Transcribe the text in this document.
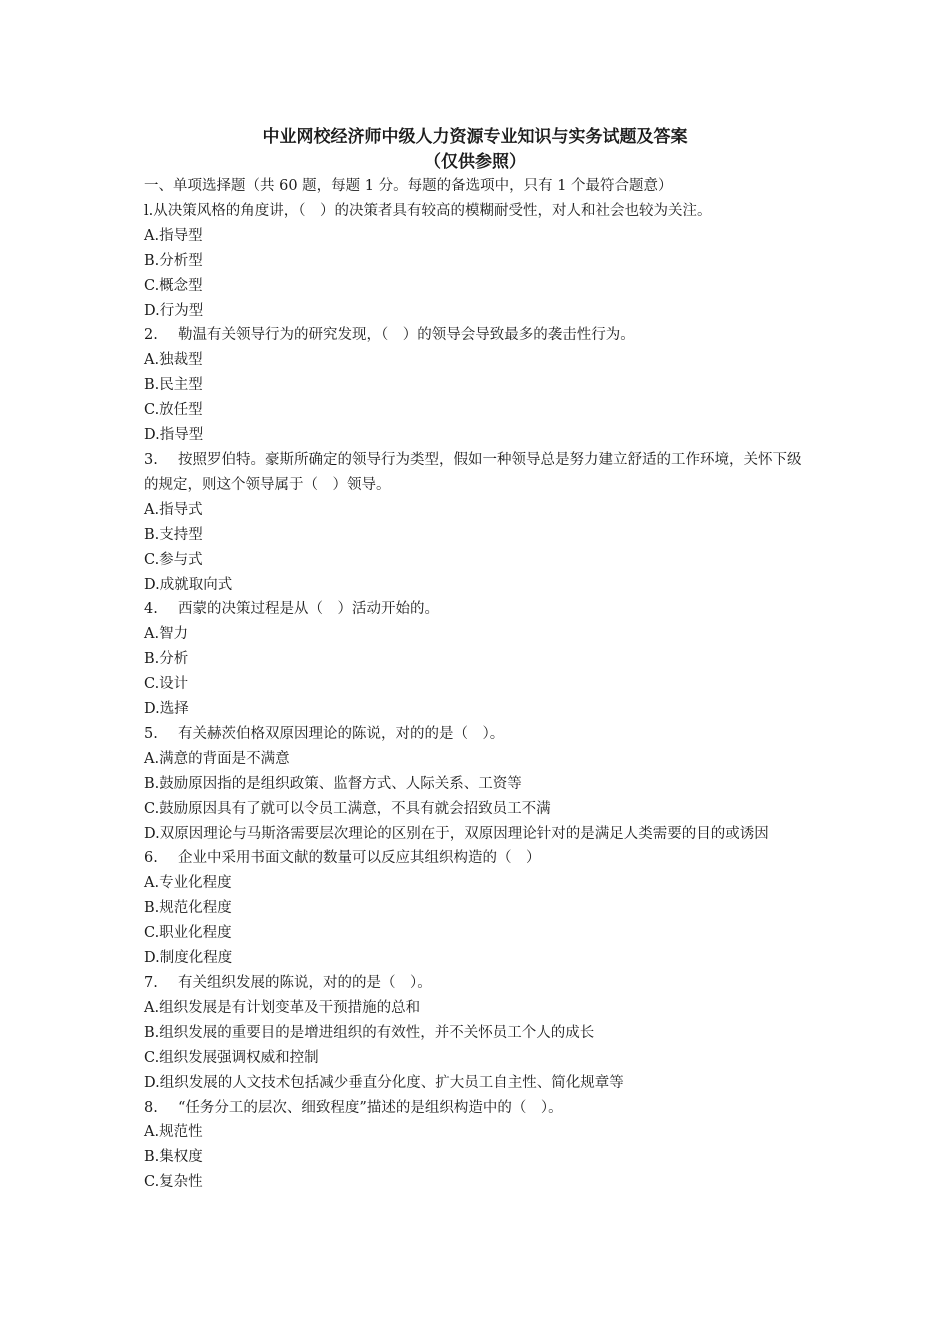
中业网校经济师中级人力资源专业知识与实务试题及答案
（仅供参照）

一、单项选择题（共 60 题，每题 1 分。每题的备选项中，只有 1 个最符合题意）

l.从决策风格的角度讲，（　）的决策者具有较高的模糊耐受性，对人和社会也较为关注。

A.指导型

B.分析型

C.概念型

D.行为型

2. 勒温有关领导行为的研究发现，（　）的领导会导致最多的袭击性行为。

A.独裁型

B.民主型

C.放任型

D.指导型

3. 按照罗伯特。豪斯所确定的领导行为类型，假如一种领导总是努力建立舒适的工作环境，关怀下级的规定，则这个领导属于（　）领导。

A.指导式

B.支持型

C.参与式

D.成就取向式

4. 西蒙的决策过程是从（　）活动开始的。

A.智力

B.分析

C.设计

D.选择

5. 有关赫茨伯格双原因理论的陈说，对的的是（　）。

A.满意的背面是不满意

B.鼓励原因指的是组织政策、监督方式、人际关系、工资等

C.鼓励原因具有了就可以令员工满意，不具有就会招致员工不满

D.双原因理论与马斯洛需要层次理论的区别在于，双原因理论针对的是满足人类需要的目的或诱因

6. 企业中采用书面文献的数量可以反应其组织构造的（　）

A.专业化程度

B.规范化程度

C.职业化程度

D.制度化程度

7. 有关组织发展的陈说，对的的是（　）。

A.组织发展是有计划变革及干预措施的总和

B.组织发展的重要目的是增进组织的有效性，并不关怀员工个人的成长

C.组织发展强调权威和控制

D.组织发展的人文技术包括减少垂直分化度、扩大员工自主性、简化规章等

8. “任务分工的层次、细致程度”描述的是组织构造中的（　）。

A.规范性

B.集权度

C.复杂性
